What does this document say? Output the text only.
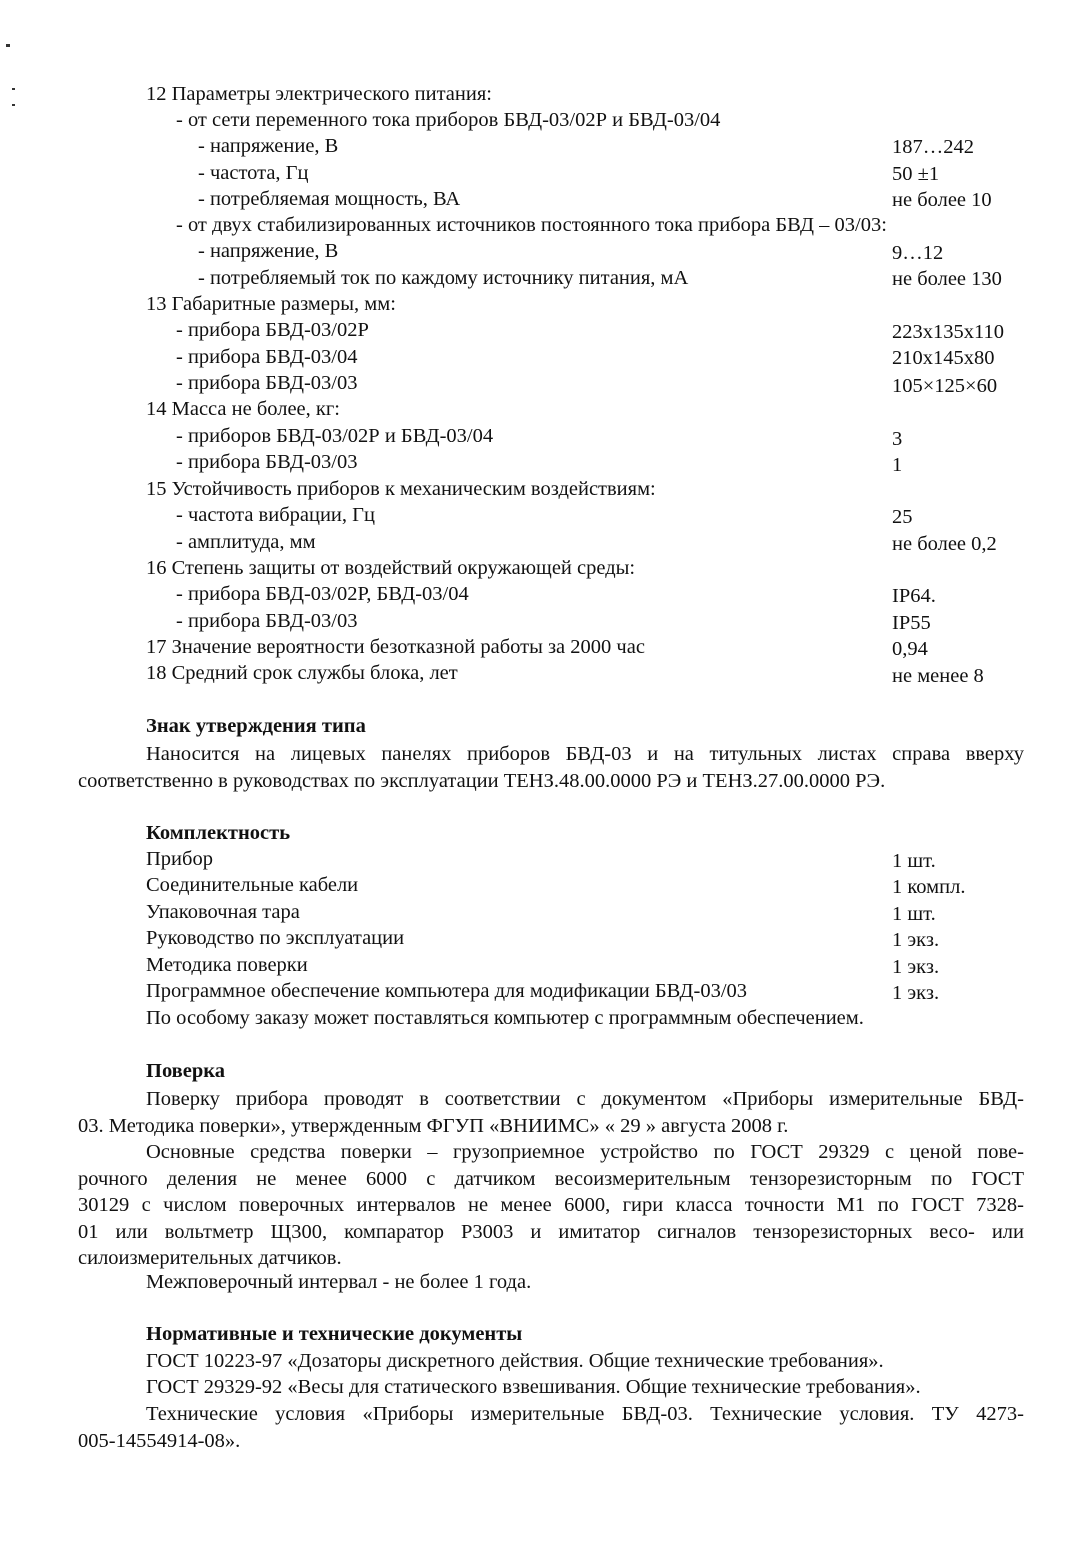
12 Параметры электрического питания:
- от сети переменного тока приборов БВД-03/02Р и БВД-03/04
- напряжение, В	187…242
- частота, Гц	50 ±1
- потребляемая мощность, ВА	не более 10
- от двух стабилизированных источников постоянного тока прибора БВД – 03/03:
- напряжение, В	9…12
- потребляемый ток по каждому источнику питания, мА	не более 130
13 Габаритные размеры, мм:
- прибора БВД-03/02Р	223х135х110
- прибора БВД-03/04	210х145х80
- прибора БВД-03/03	105×125×60
14 Масса не более, кг:
- приборов БВД-03/02Р и БВД-03/04	3
- прибора БВД-03/03	1
15 Устойчивость приборов к механическим воздействиям:
- частота вибрации, Гц	25
- амплитуда, мм	не более 0,2
16 Степень защиты от воздействий окружающей среды:
- прибора БВД-03/02Р, БВД-03/04	IP64.
- прибора БВД-03/03	IP55
17 Значение вероятности безотказной работы за 2000 час	0,94
18 Средний срок службы блока, лет	не менее 8
Знак утверждения типа
Наносится на лицевых панелях приборов БВД-03 и на титульных листах справа вверху
соответственно в руководствах по эксплуатации ТЕНЗ.48.00.0000 РЭ и ТЕНЗ.27.00.0000 РЭ.
Комплектность
Прибор	1 шт.
Соединительные кабели	1 компл.
Упаковочная тара	1 шт.
Руководство по эксплуатации	1 экз.
Методика поверки	1 экз.
Программное обеспечение компьютера для модификации БВД-03/03	1 экз.
По особому заказу может поставляться компьютер с программным обеспечением.
Поверка
Поверку прибора проводят в соответствии с документом «Приборы измерительные БВД-
03. Методика поверки», утвержденным ФГУП «ВНИИМС» « 29 » августа 2008 г.
Основные средства поверки – грузоприемное устройство по ГОСТ 29329 с ценой пове-
рочного деления не менее 6000 с датчиком весоизмерительным тензорезисторным по ГОСТ
30129 с числом поверочных интервалов не менее 6000, гири класса точности М1 по ГОСТ 7328-
01 или вольтметр Щ300, компаратор Р3003 и имитатор сигналов тензорезисторных весо- или
силоизмерительных датчиков.
Межповерочный интервал - не более 1 года.
Нормативные и технические документы
ГОСТ 10223-97 «Дозаторы дискретного действия. Общие технические требования».
ГОСТ 29329-92 «Весы для статического взвешивания. Общие технические требования».
Технические условия «Приборы измерительные БВД-03. Технические условия. ТУ 4273-
005-14554914-08».
